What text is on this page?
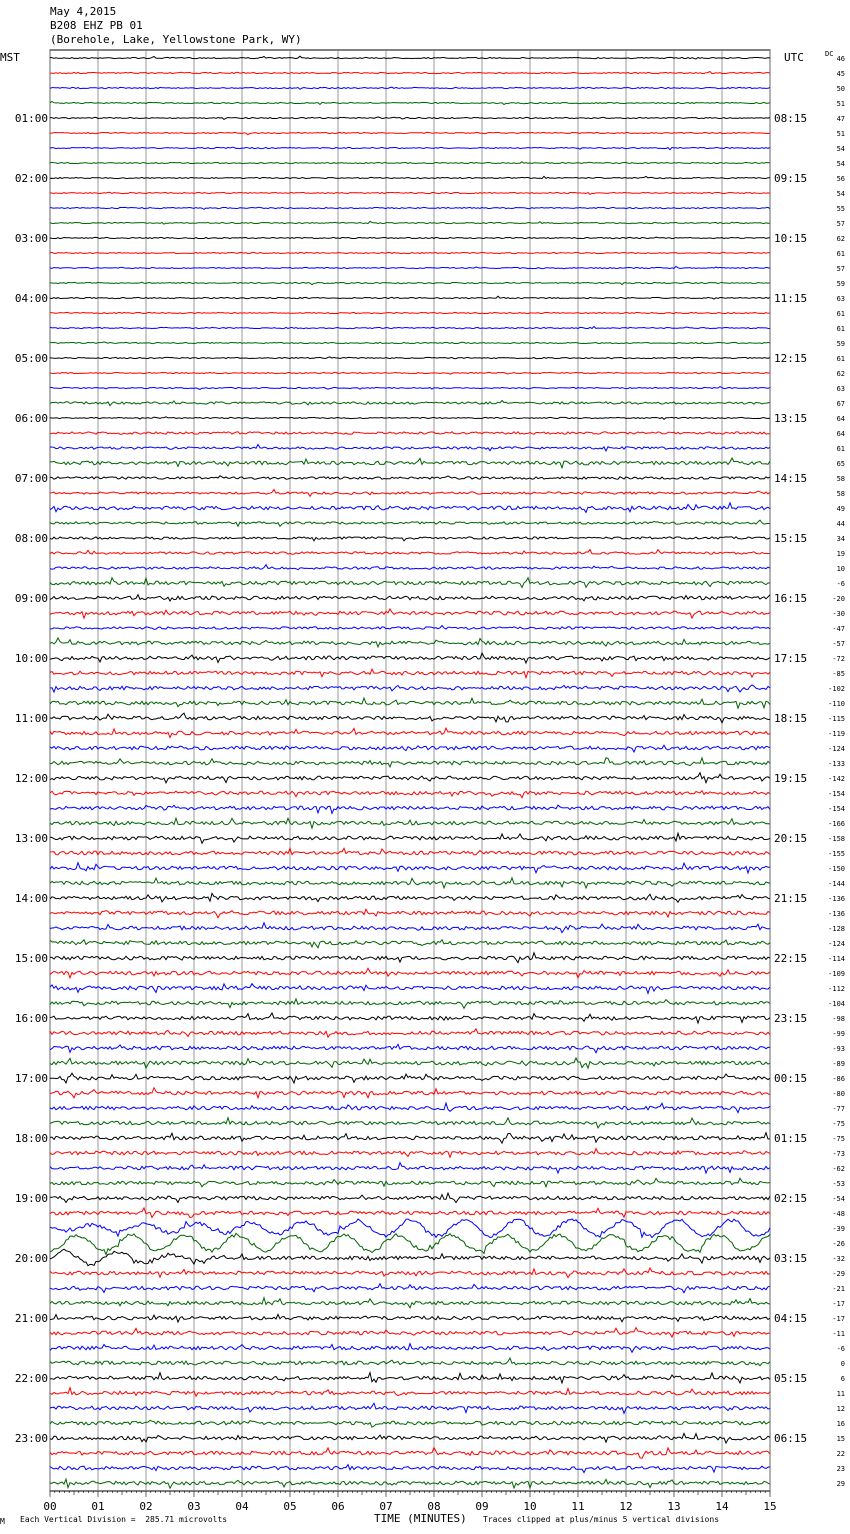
May 4,2015
B208 EHZ PB 01
(Borehole, Lake, Yellowstone Park, WY)
MST	UTC	DC
00	01	02	03	04	05	06	07	08	09	10	11	12	13	14	15
46
45
50
51
47
51
54
54
56
54
55
57
62
61
57
59
63
61
61
59
61
62
63
67
64
64
61
65
58
58
49
44
34
19
10
-6
-20
-30
-47
-57
-72
-85
-102
-110
-115
-119
-124
-133
-142
-154
-154
-166
-158
-155
-150
-144
-136
-136
-128
-124
-114
-109
-112
-104
-98
-99
-93
-89
-86
-80
-77
-75
-75
-73
-62
-53
-54
-48
-39
-26
-32
-29
-21
-17
-17
-11
-6
0
6
11
12
16
15
22
23
29
01:00	08:15
02:00	09:15
03:00	10:15
04:00	11:15
05:00	12:15
06:00	13:15
07:00	14:15
08:00	15:15
09:00	16:15
10:00	17:15
11:00	18:15
12:00	19:15
13:00	20:15
14:00	21:15
15:00	22:15
16:00	23:15
17:00	00:15
18:00	01:15
19:00	02:15
20:00	03:15
21:00	04:15
22:00	05:15
23:00	06:15
M Each Vertical Division =  285.71 microvolts	TIME (MINUTES) Traces clipped at plus/minus 5 vertical divisions
